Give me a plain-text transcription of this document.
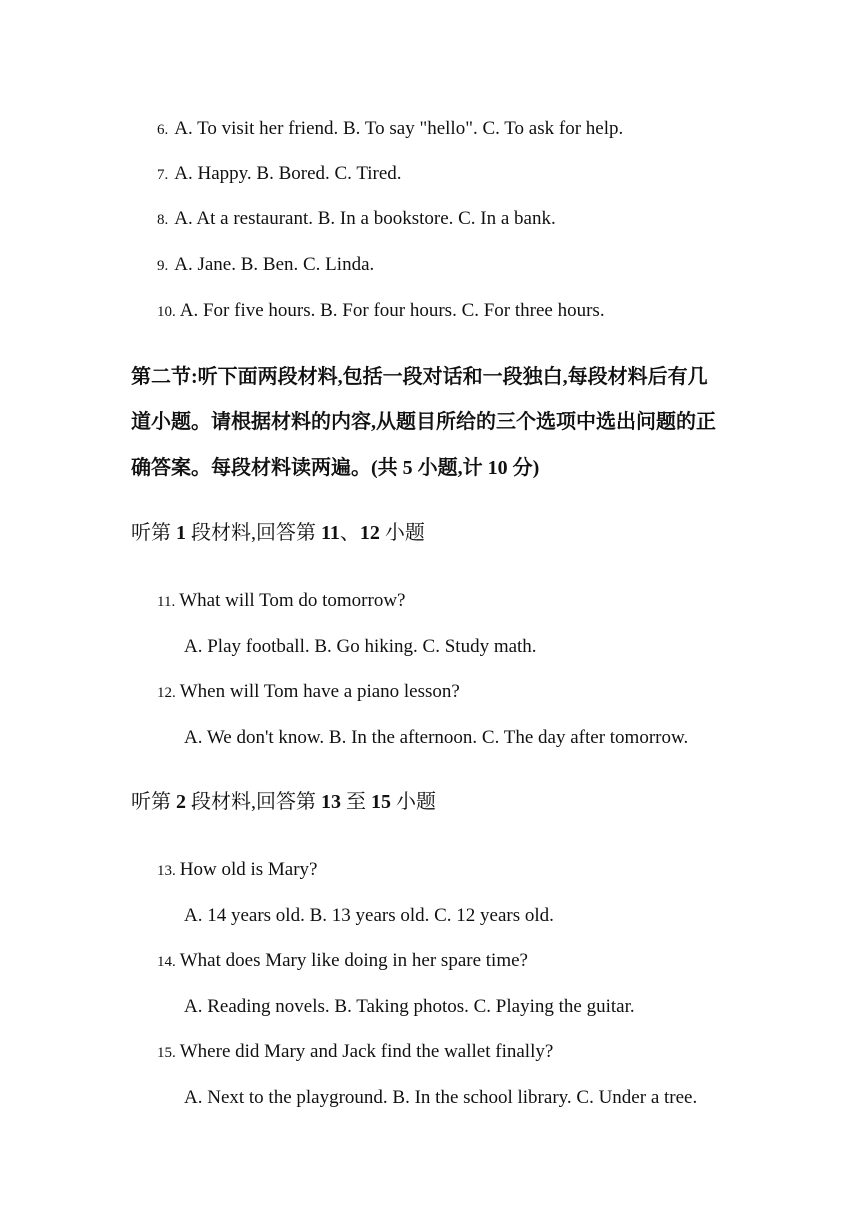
6. A. To visit her friend. B. To say "hello". C. To ask for help.
7. A. Happy. B. Bored. C. Tired.
8. A. At a restaurant. B. In a bookstore. C. In a bank.
9. A. Jane. B. Ben. C. Linda.
10. A. For five hours. B. For four hours. C. For three hours.
第二节:听下面两段材料,包括一段对话和一段独白,每段材料后有几
道小题。请根据材料的内容,从题目所给的三个选项中选出问题的正
确答案。每段材料读两遍。(共 5 小题,计 10 分)
听第 1 段材料,回答第 11、12 小题
11. What will Tom do tomorrow?
A. Play football. B. Go hiking. C. Study math.
12. When will Tom have a piano lesson?
A. We don't know. B. In the afternoon. C. The day after tomorrow.
听第 2 段材料,回答第 13 至 15 小题
13. How old is Mary?
A. 14 years old. B. 13 years old. C. 12 years old.
14. What does Mary like doing in her spare time?
A. Reading novels. B. Taking photos. C. Playing the guitar.
15. Where did Mary and Jack find the wallet finally?
A. Next to the playground. B. In the school library. C. Under a tree.
